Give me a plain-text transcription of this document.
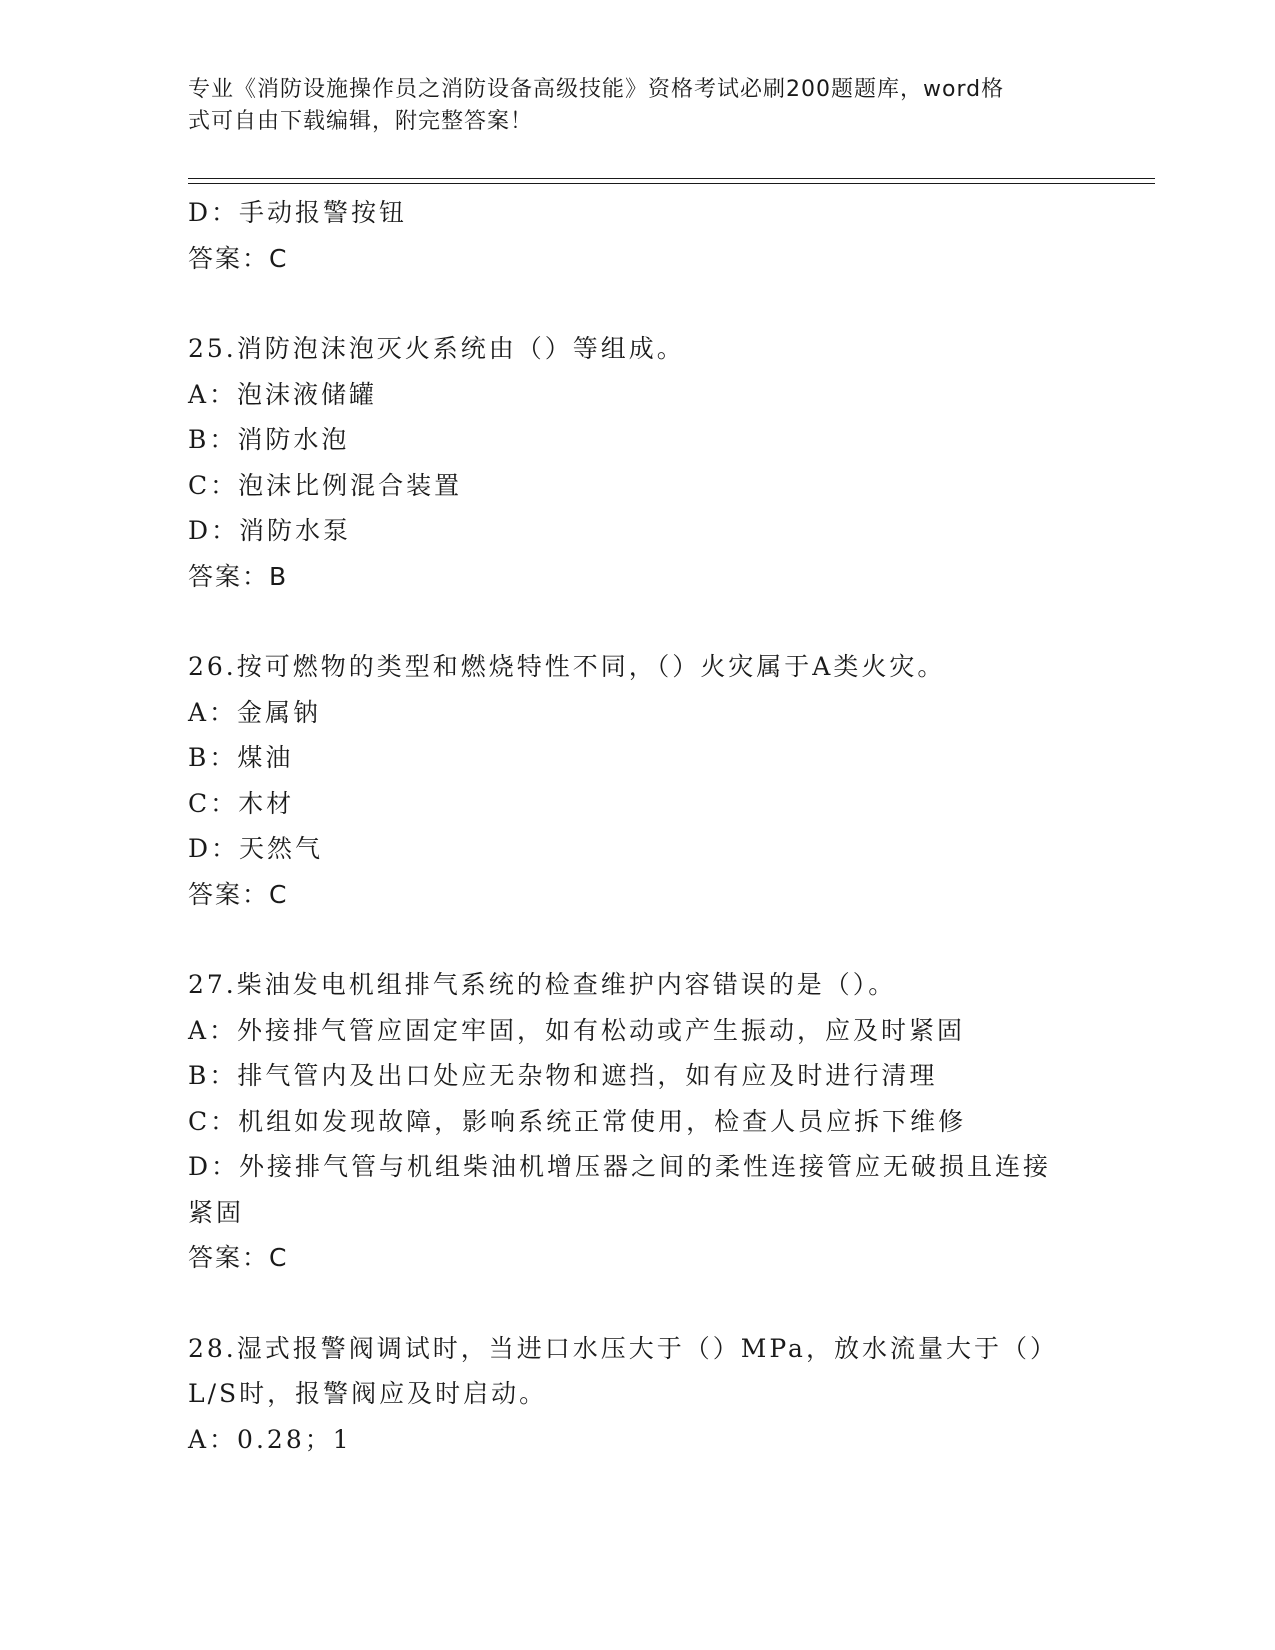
专业《消防设施操作员之消防设备高级技能》资格考试必刷200题题库，word格
式可自由下载编辑，附完整答案！
D：手动报警按钮
答案：C
25.消防泡沫泡灭火系统由（）等组成。
A：泡沫液储罐
B：消防水泡
C：泡沫比例混合装置
D：消防水泵
答案：B
26.按可燃物的类型和燃烧特性不同，（）火灾属于A类火灾。
A：金属钠
B：煤油
C：木材
D：天然气
答案：C
27.柴油发电机组排气系统的检查维护内容错误的是（）。
A：外接排气管应固定牢固，如有松动或产生振动，应及时紧固
B：排气管内及出口处应无杂物和遮挡，如有应及时进行清理
C：机组如发现故障，影响系统正常使用，检查人员应拆下维修
D：外接排气管与机组柴油机增压器之间的柔性连接管应无破损且连接紧固
答案：C
28.湿式报警阀调试时，当进口水压大于（）MPa，放水流量大于（）
L/S时，报警阀应及时启动。
A：0.28；1
